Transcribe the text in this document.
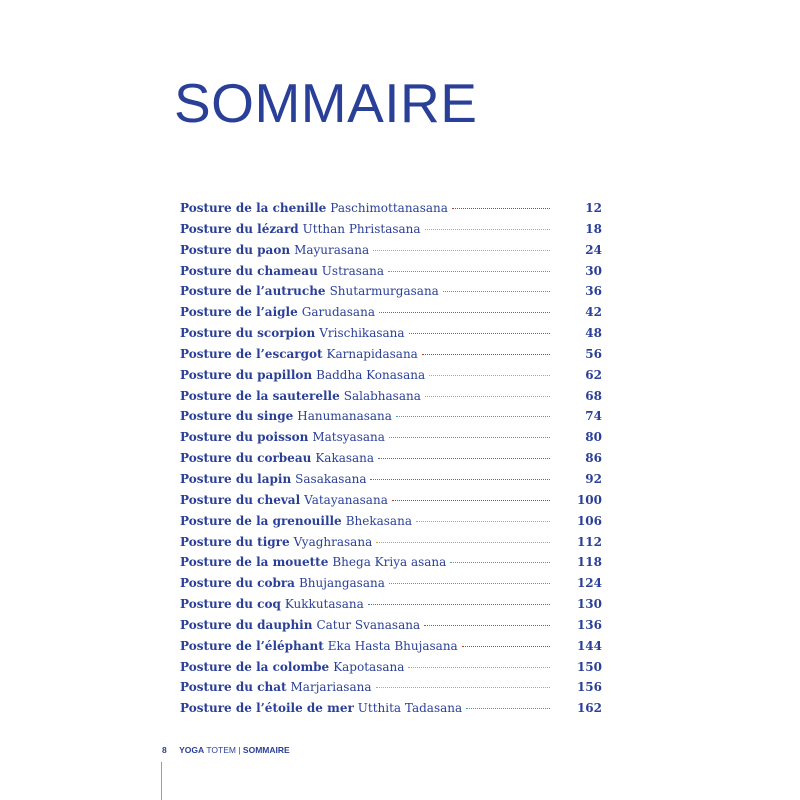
SOMMAIRE
Posture de la chenille Paschimottanasana	12
Posture du lézard Utthan Phristasana	18
Posture du paon Mayurasana	24
Posture du chameau Ustrasana	30
Posture de l’autruche Shutarmurgasana	36
Posture de l’aigle Garudasana	42
Posture du scorpion Vrischikasana	48
Posture de l’escargot Karnapidasana	56
Posture du papillon Baddha Konasana	62
Posture de la sauterelle Salabhasana	68
Posture du singe Hanumanasana	74
Posture du poisson Matsyasana	80
Posture du corbeau Kakasana	86
Posture du lapin Sasakasana	92
Posture du cheval Vatayanasana	100
Posture de la grenouille Bhekasana	106
Posture du tigre Vyaghrasana	112
Posture de la mouette Bhega Kriya asana	118
Posture du cobra Bhujangasana	124
Posture du coq Kukkutasana	130
Posture du dauphin Catur Svanasana	136
Posture de l’éléphant Eka Hasta Bhujasana	144
Posture de la colombe Kapotasana	150
Posture du chat Marjariasana	156
Posture de l’étoile de mer Utthita Tadasana	162
8 YOGA TOTEM | SOMMAIRE
